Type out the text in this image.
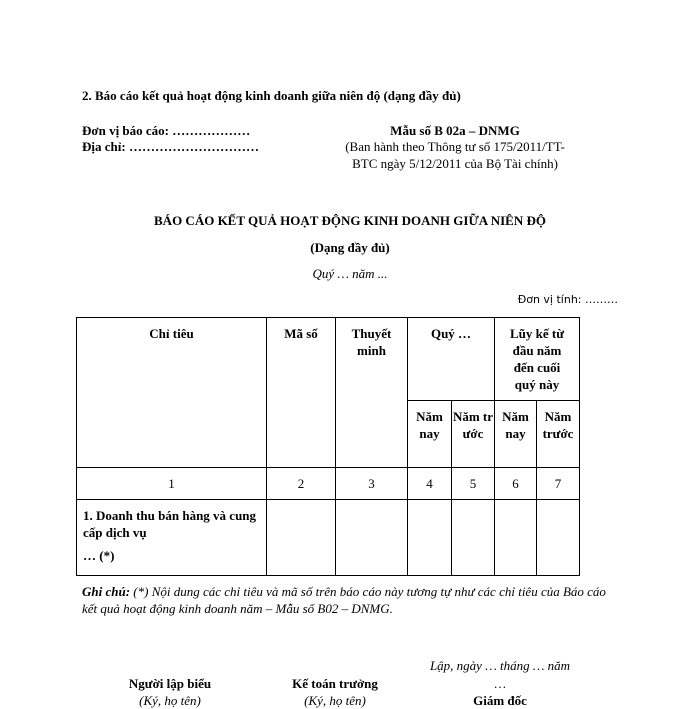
2. Báo cáo kết quả hoạt động kinh doanh giữa niên độ (dạng đầy đủ)
Đơn vị báo cáo: ………………
Địa chỉ: …………………………
Mẫu số B 02a – DNMG
(Ban hành theo Thông tư số 175/2011/TT-
BTC ngày 5/12/2011 của Bộ Tài chính)
BÁO CÁO KẾT QUẢ HOẠT ĐỘNG KINH DOANH GIỮA NIÊN ĐỘ
(Dạng đầy đủ)
Quý … năm ...
Đơn vị tính: ………
Chỉ tiêu	Mã số	Thuyết minh	Quý …		Lũy kế từ đầu năm đến cuối quý này	
			Năm nay	Năm trước	Năm nay	Năm trước
1	2	3	4	5	6	7

1. Doanh thu bán hàng và cung cấp dịch vụ
… (*)						

Ghi chú: (*) Nội dung các chỉ tiêu và mã số trên báo cáo này tương tự như các chỉ tiêu của Báo cáo kết quả hoạt động kinh doanh năm – Mẫu số B02 – DNMG.
Lập, ngày … tháng … năm
…
Người lập biểu
(Ký, họ tên)
Kế toán trưởng
(Ký, họ tên)	Giám đốc
